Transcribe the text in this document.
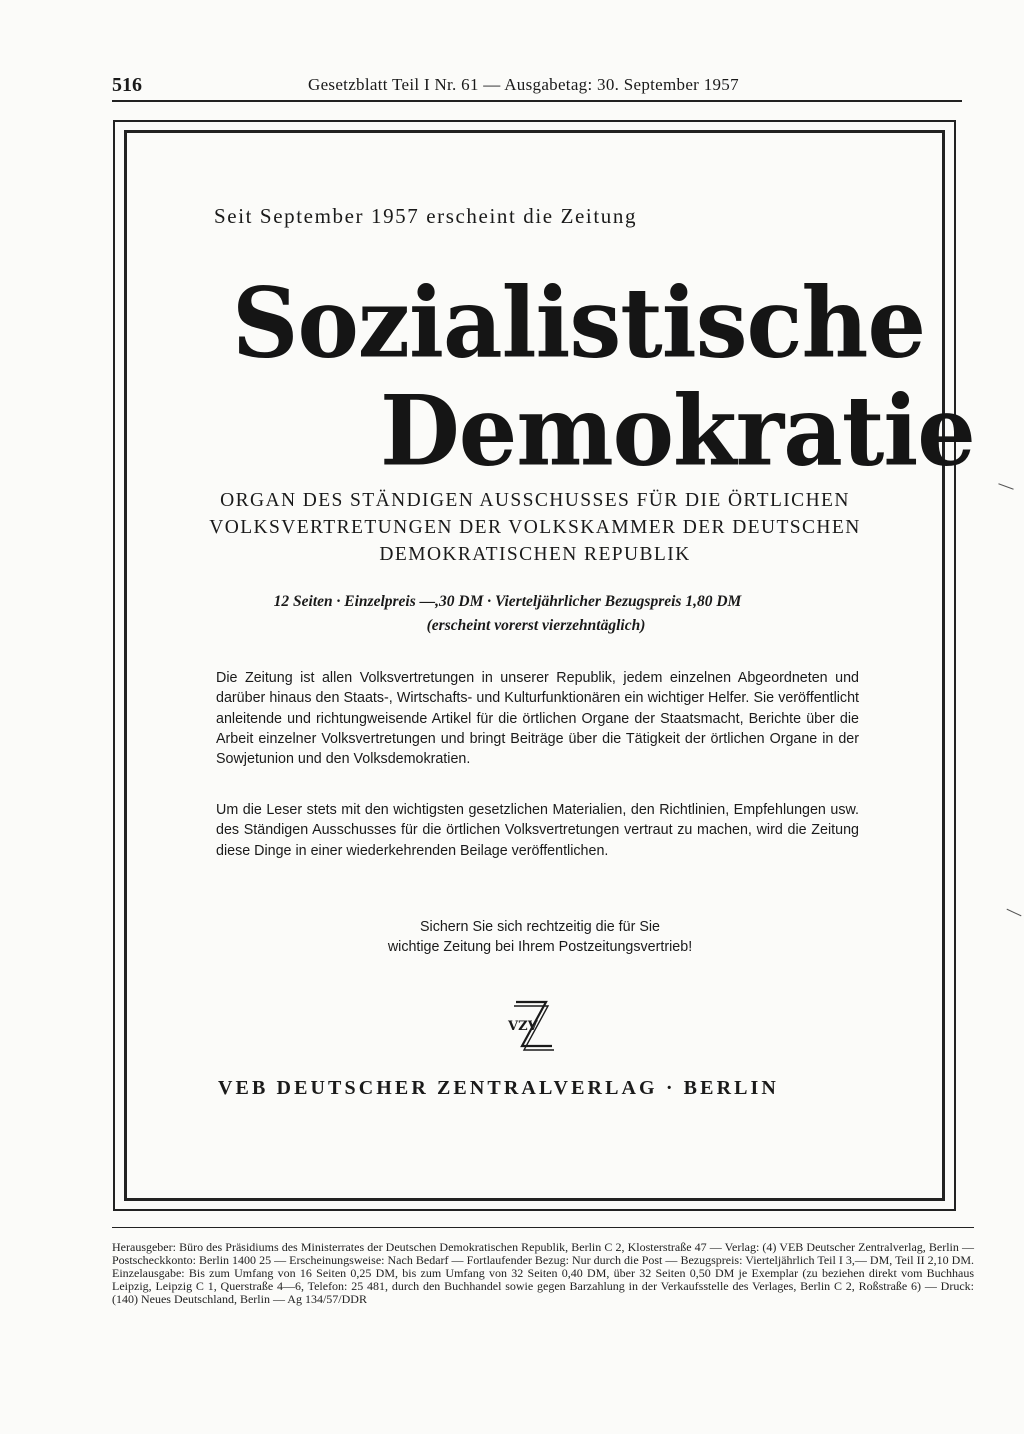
516	Gesetzblatt Teil I Nr. 61 — Ausgabetag: 30. September 1957
Seit September 1957 erscheint die Zeitung
Sozialistische
Demokratie
ORGAN DES STÄNDIGEN AUSSCHUSSES FÜR DIE ÖRTLICHEN
VOLKSVERTRETUNGEN DER VOLKSKAMMER DER DEUTSCHEN
DEMOKRATISCHEN REPUBLIK
12 Seiten · Einzelpreis —,30 DM · Vierteljährlicher Bezugspreis 1,80 DM
(erscheint vorerst vierzehntäglich)
Die Zeitung ist allen Volksvertretungen in unserer Republik, jedem einzelnen Abgeordneten und darüber hinaus den Staats-, Wirtschafts- und Kulturfunktionären ein wichtiger Helfer. Sie veröffentlicht anleitende und richtungweisende Artikel für die örtlichen Organe der Staatsmacht, Berichte über die Arbeit einzelner Volksvertretungen und bringt Beiträge über die Tätigkeit der örtlichen Organe in der Sowjetunion und den Volksdemokratien.
Um die Leser stets mit den wichtigsten gesetzlichen Materialien, den Richtlinien, Empfehlungen usw. des Ständigen Ausschusses für die örtlichen Volksvertretungen vertraut zu machen, wird die Zeitung diese Dinge in einer wiederkehrenden Beilage veröffentlichen.
Sichern Sie sich rechtzeitig die für Sie
wichtige Zeitung bei Ihrem Postzeitungsvertrieb!
VZV
VEB DEUTSCHER ZENTRALVERLAG · BERLIN
Herausgeber: Büro des Präsidiums des Ministerrates der Deutschen Demokratischen Republik, Berlin C 2, Klosterstraße 47 — Verlag: (4) VEB Deutscher Zentralverlag, Berlin — Postscheckkonto: Berlin 1400 25 — Erscheinungsweise: Nach Bedarf — Fortlaufender Bezug: Nur durch die Post — Bezugspreis: Vierteljährlich Teil I 3,— DM, Teil II 2,10 DM. Einzelausgabe: Bis zum Umfang von 16 Seiten 0,25 DM, bis zum Umfang von 32 Seiten 0,40 DM, über 32 Seiten 0,50 DM je Exemplar (zu beziehen direkt vom Buchhaus Leipzig, Leipzig C 1, Querstraße 4—6, Telefon: 25 481, durch den Buchhandel sowie gegen Barzahlung in der Verkaufsstelle des Verlages, Berlin C 2, Roßstraße 6) — Druck: (140) Neues Deutschland, Berlin — Ag 134/57/DDR
